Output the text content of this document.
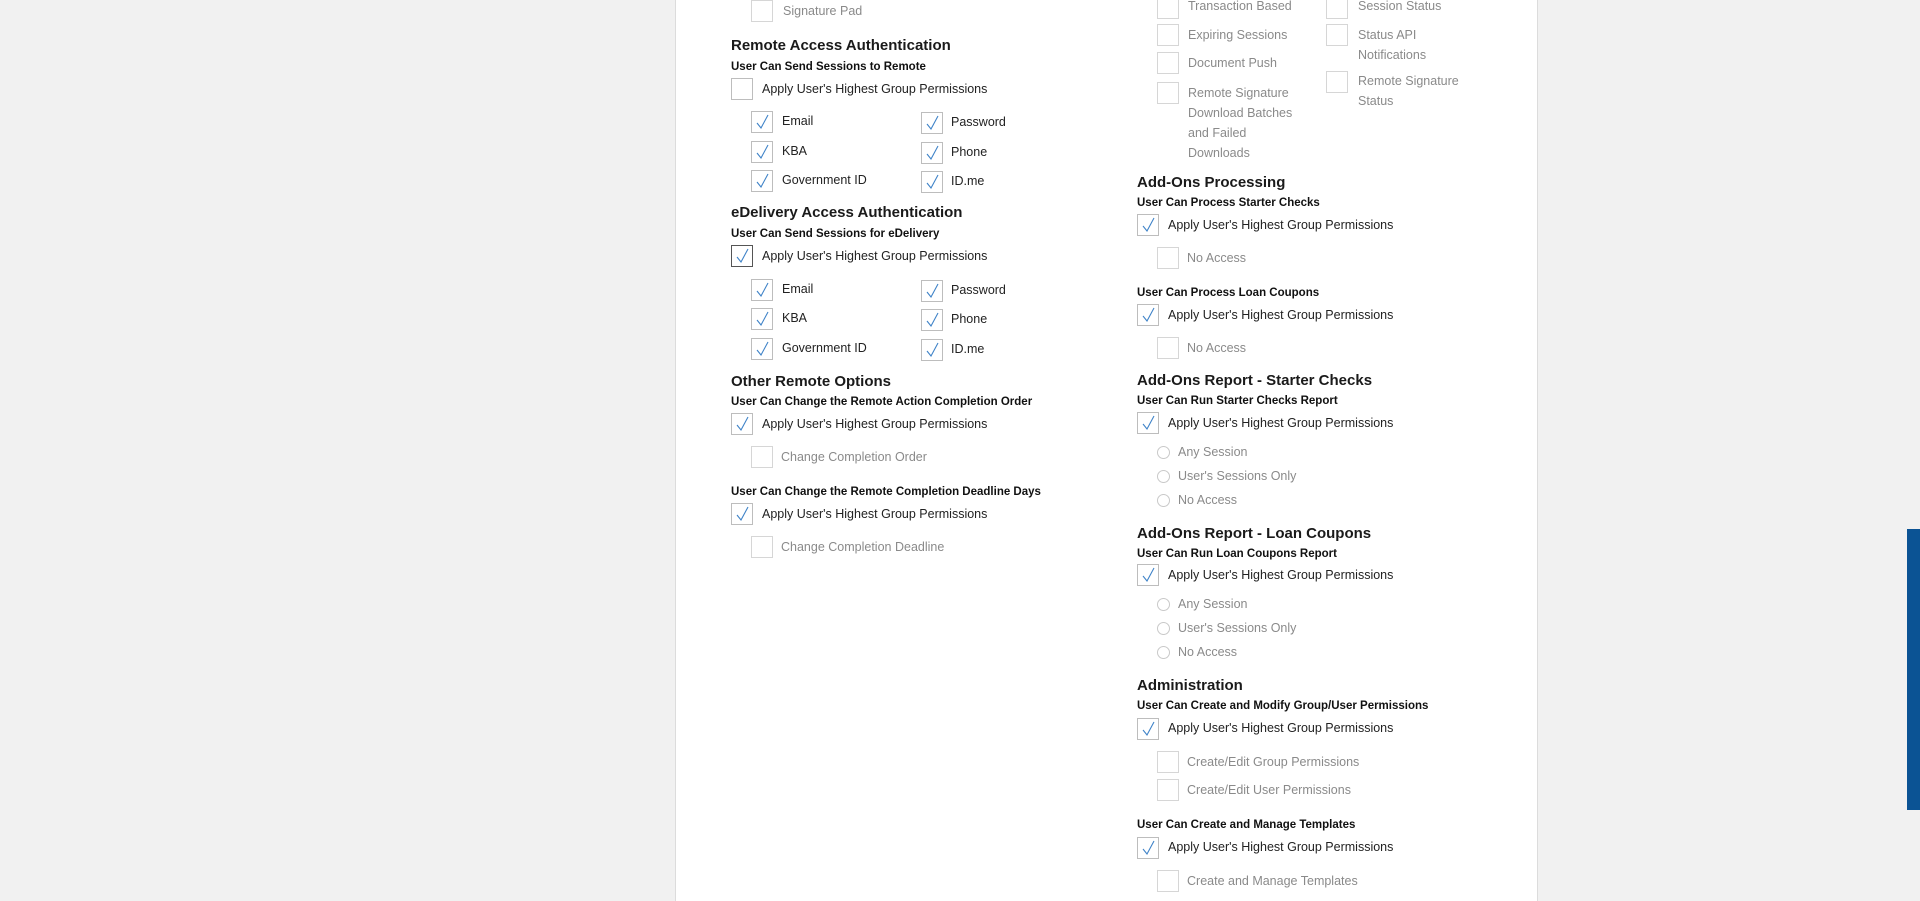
Signature Pad
Remote Access Authentication
User Can Send Sessions to Remote
Apply User's Highest Group Permissions
Email	Password
KBA	Phone
Government ID	ID.me
eDelivery Access Authentication
User Can Send Sessions for eDelivery
Apply User's Highest Group Permissions
Email	Password
KBA	Phone
Government ID	ID.me
Other Remote Options
User Can Change the Remote Action Completion Order
Apply User's Highest Group Permissions
Change Completion Order
User Can Change the Remote Completion Deadline Days
Apply User's Highest Group Permissions
Change Completion Deadline
Transaction Based
Expiring Sessions
Document Push
Remote Signature Download Batches and Failed Downloads
Session Status
Status API Notifications
Remote Signature Status
Add-Ons Processing
User Can Process Starter Checks
Apply User's Highest Group Permissions
No Access
User Can Process Loan Coupons
Apply User's Highest Group Permissions
No Access
Add-Ons Report - Starter Checks
User Can Run Starter Checks Report
Apply User's Highest Group Permissions
Any Session
User's Sessions Only
No Access
Add-Ons Report - Loan Coupons
User Can Run Loan Coupons Report
Apply User's Highest Group Permissions
Any Session
User's Sessions Only
No Access
Administration
User Can Create and Modify Group/User Permissions
Apply User's Highest Group Permissions
Create/Edit Group Permissions
Create/Edit User Permissions
User Can Create and Manage Templates
Apply User's Highest Group Permissions
Create and Manage Templates
